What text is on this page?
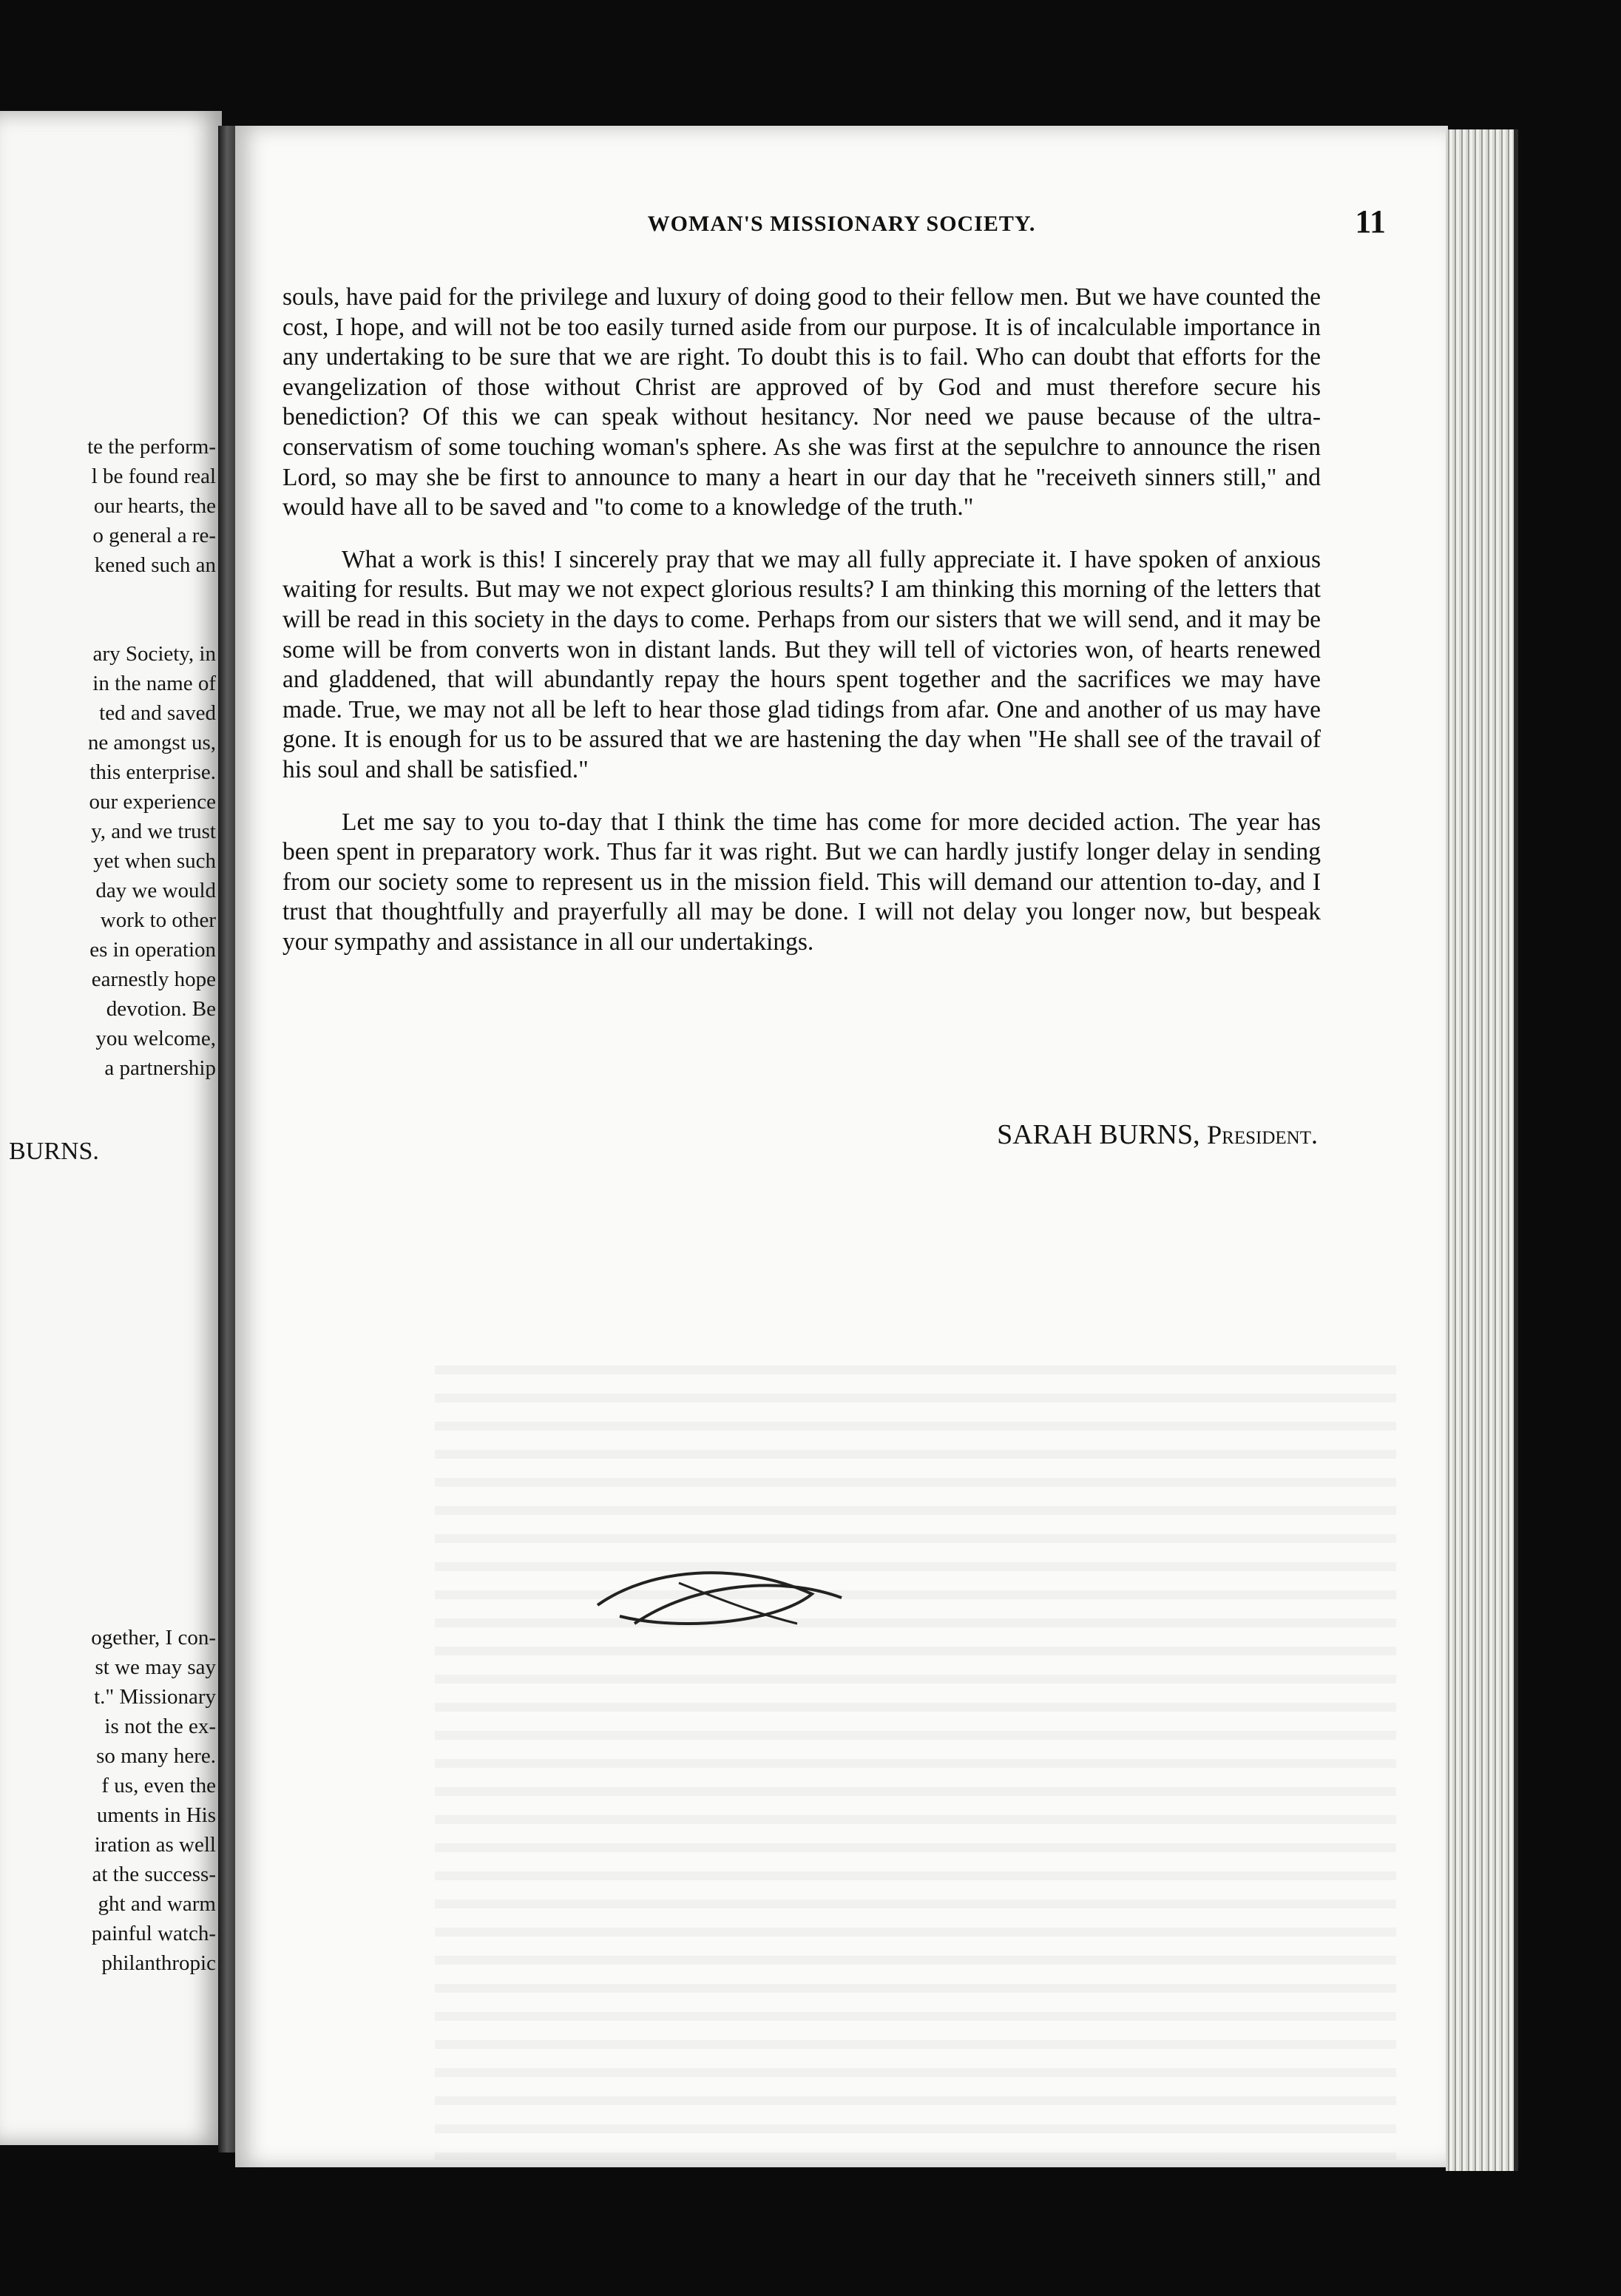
te the perform-
l be found real
our hearts, the
o general a re-
kened such an
ary Society, in
in the name of
ted and saved
ne amongst us,
this enterprise.
our experience
y, and we trust
yet when such
day we would
work to other
es in operation
earnestly hope
devotion. Be
you welcome,
a partnership
BURNS.
ogether, I con-
st we may say
t." Missionary
is not the ex-
so many here.
f us, even the
uments in His
iration as well
at the success-
ght and warm
painful watch-
philanthropic
WOMAN'S MISSIONARY SOCIETY.	11

souls, have paid for the privilege and luxury of doing good to their fellow men. But we have counted the cost, I hope, and will not be too easily turned aside from our purpose. It is of incalculable importance in any undertaking to be sure that we are right. To doubt this is to fail. Who can doubt that efforts for the evangelization of those without Christ are approved of by God and must therefore secure his benediction? Of this we can speak without hesitancy. Nor need we pause because of the ultra-conservatism of some touching woman's sphere. As she was first at the sepulchre to announce the risen Lord, so may she be first to announce to many a heart in our day that he "receiveth sinners still," and would have all to be saved and "to come to a knowledge of the truth."

What a work is this! I sincerely pray that we may all fully appreciate it. I have spoken of anxious waiting for results. But may we not expect glorious results? I am thinking this morning of the letters that will be read in this society in the days to come. Perhaps from our sisters that we will send, and it may be some will be from converts won in distant lands. But they will tell of victories won, of hearts renewed and gladdened, that will abundantly repay the hours spent together and the sacrifices we may have made. True, we may not all be left to hear those glad tidings from afar. One and another of us may have gone. It is enough for us to be assured that we are hastening the day when "He shall see of the travail of his soul and shall be satisfied."

Let me say to you to-day that I think the time has come for more decided action. The year has been spent in preparatory work. Thus far it was right. But we can hardly justify longer delay in sending from our society some to represent us in the mission field. This will demand our attention to-day, and I trust that thoughtfully and prayerfully all may be done. I will not delay you longer now, but bespeak your sympathy and assistance in all our undertakings.

SARAH BURNS, President.
